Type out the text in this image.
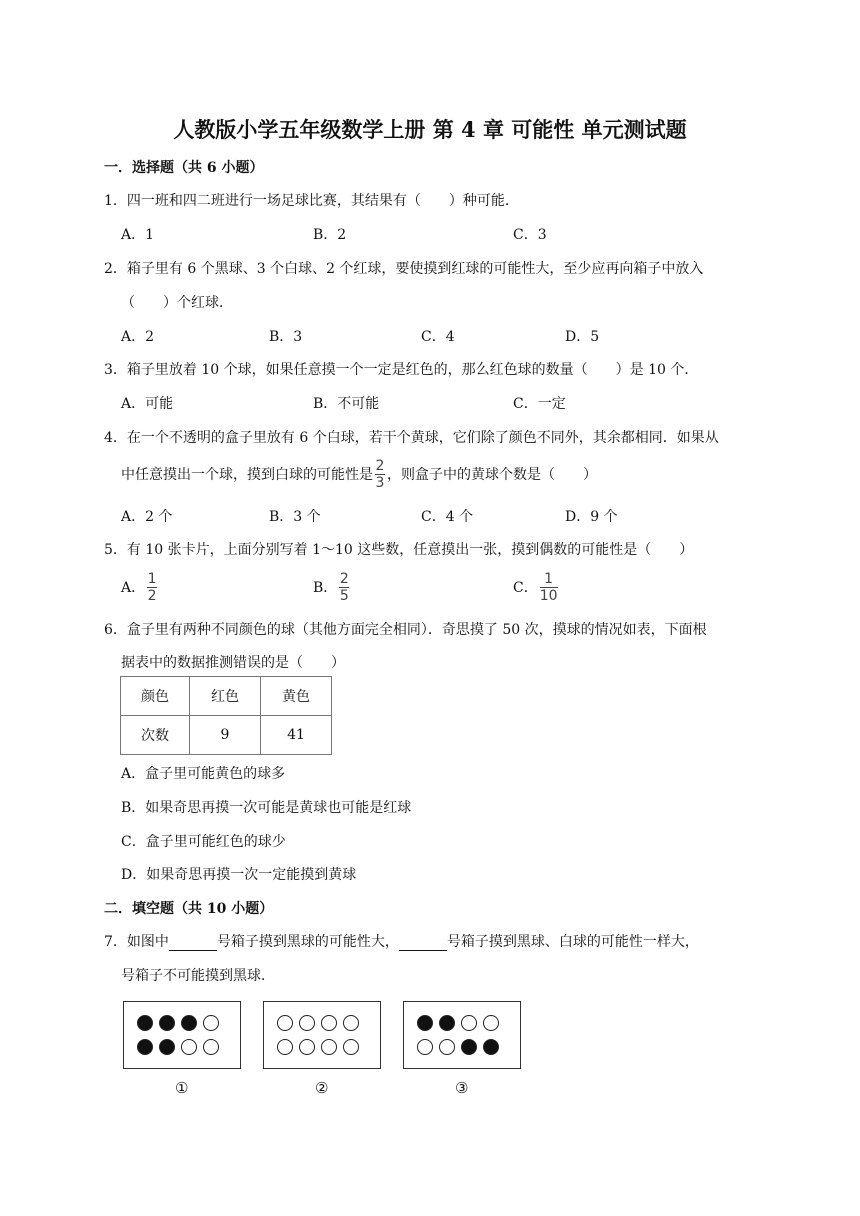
人教版小学五年级数学上册 第 4 章 可能性 单元测试题
一．选择题（共 6 小题）
1．四一班和四二班进行一场足球比赛，其结果有（　　）种可能．
A．1	B．2	C．3
2．箱子里有 6 个黑球、3 个白球、2 个红球，要使摸到红球的可能性大，至少应再向箱子中放入
（　　）个红球．
A．2	B．3	C．4	D．5
3．箱子里放着 10 个球，如果任意摸一个一定是红色的，那么红色球的数量（　　）是 10 个．
A．可能	B．不可能	C．一定
4．在一个不透明的盒子里放有 6 个白球，若干个黄球，它们除了颜色不同外，其余都相同．如果从
中任意摸出一个球，摸到白球的可能性是 $\frac{2}{3}$ ，则盒子中的黄球个数是（　　）
A．2 个	B．3 个	C．4 个	D．9 个
5．有 10 张卡片，上面分别写着 1～10 这些数，任意摸出一张，摸到偶数的可能性是（　　）
A． $\frac{1}{2}$	B． $\frac{2}{5}$	C． $\frac{1}{10}$
6．盒子里有两种不同颜色的球（其他方面完全相同）．奇思摸了 50 次，摸球的情况如表，下面根
据表中的数据推测错误的是（　　）
颜色	红色	黄色
次数	9	41
A．盒子里可能黄色的球多
B．如果奇思再摸一次可能是黄球也可能是红球
C．盒子里可能红色的球少
D．如果奇思再摸一次一定能摸到黄球
二．填空题（共 10 小题）
7．如图中	号箱子摸到黑球的可能性大，	号箱子摸到黑球、白球的可能性一样大，
号箱子不可能摸到黑球．
①	②	③
